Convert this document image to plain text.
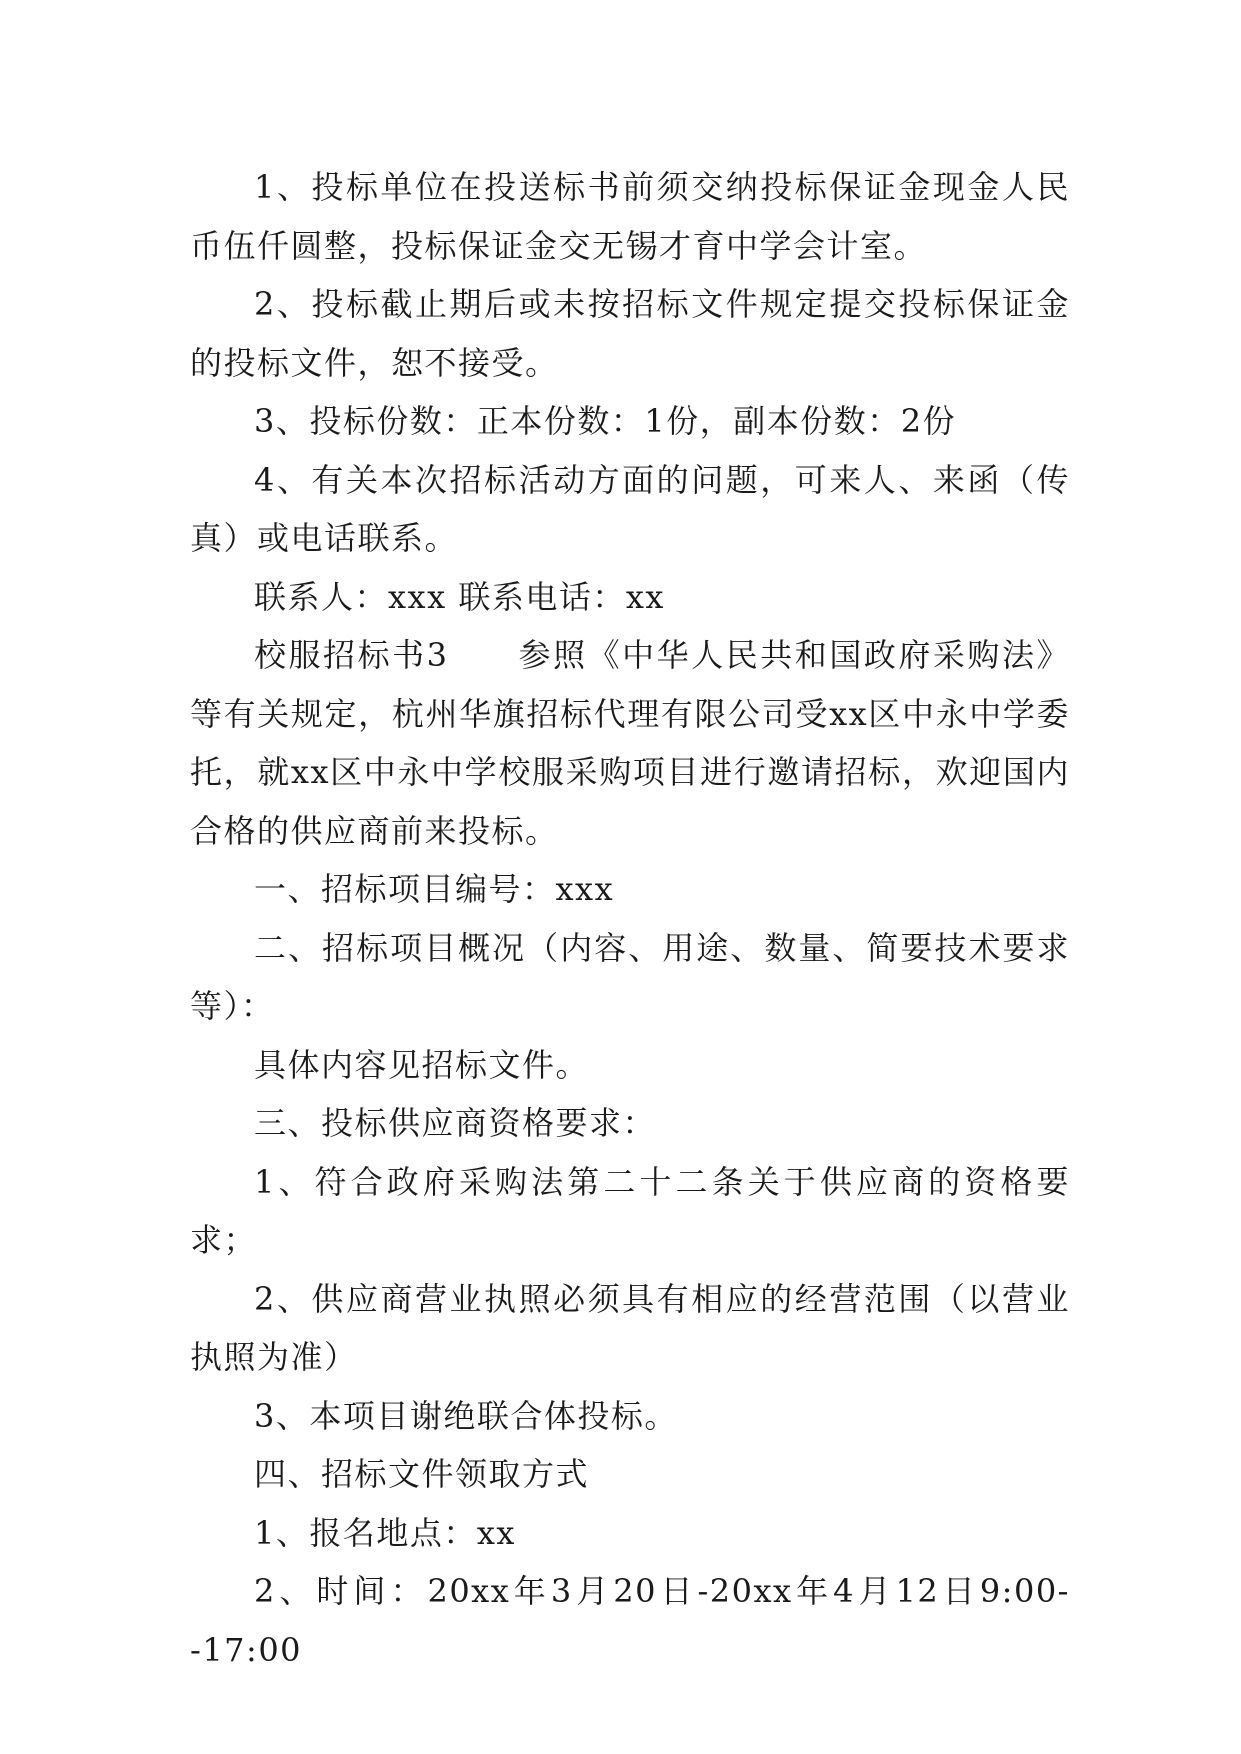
1、投标单位在投送标书前须交纳投标保证金现金人民币伍仟圆整，投标保证金交无锡才育中学会计室。

2、投标截止期后或未按招标文件规定提交投标保证金的投标文件，恕不接受。

3、投标份数：正本份数：1份，副本份数：2份

4、有关本次招标活动方面的问题，可来人、来函（传真）或电话联系。

联系人：xxx 联系电话：xx

校服招标书3　　参照《中华人民共和国政府采购法》等有关规定，杭州华旗招标代理有限公司受xx区中永中学委托，就xx区中永中学校服采购项目进行邀请招标，欢迎国内合格的供应商前来投标。

一、招标项目编号：xxx

二、招标项目概况（内容、用途、数量、简要技术要求等）：

具体内容见招标文件。

三、投标供应商资格要求：

1、符合政府采购法第二十二条关于供应商的资格要求；

2、供应商营业执照必须具有相应的经营范围（以营业执照为准）

3、本项目谢绝联合体投标。

四、招标文件领取方式

1、报名地点：xx

2、时间：20xx年3月20日-20xx年4月12日9:00--17:00
